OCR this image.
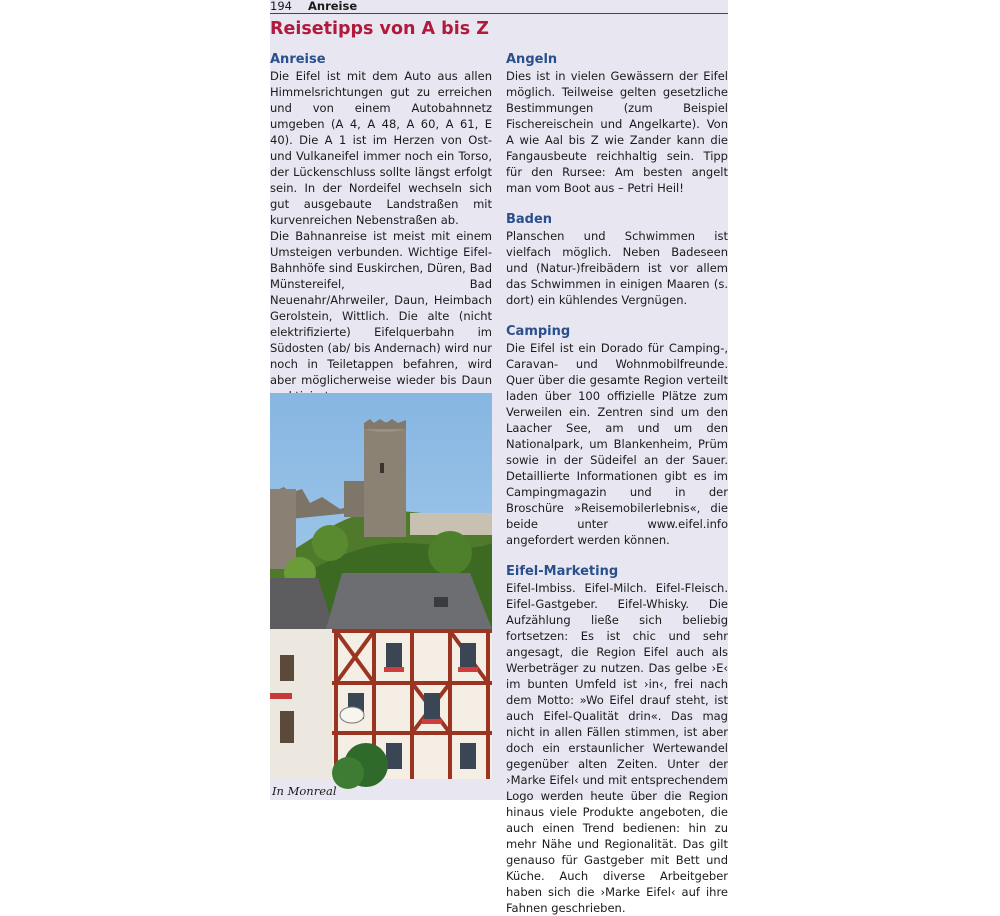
194 Anreise
Reisetipps von A bis Z
Anreise

Die Eifel ist mit dem Auto aus allen Himmelsrichtungen gut zu erreichen und von einem Autobahnnetz umgeben (A 4, A 48, A 60, A 61, E 40). Die A 1 ist im Herzen von Ost- und Vulkaneifel immer noch ein Torso, der Lückenschluss sollte längst erfolgt sein. In der Nordeifel wechseln sich gut ausgebaute Landstraßen mit kurvenreichen Nebenstraßen ab.

Die Bahnanreise ist meist mit einem Umsteigen verbunden. Wichtige Eifel-Bahnhöfe sind Euskirchen, Düren, Bad Münstereifel, Bad Neuenahr/Ahrweiler, Daun, Heimbach Gerolstein, Wittlich. Die alte (nicht elektrifizierte) Eifelquerbahn im Südosten (ab/ bis Andernach) wird nur noch in Teiletappen befahren, wird aber möglicherweise wieder bis Daun

In Monreal
Angeln

Dies ist in vielen Gewässern der Eifel möglich. Teilweise gelten gesetzliche Bestimmungen (zum Beispiel Fischereischein und Angelkarte). Von A wie Aal bis Z wie Zander kann die Fangausbeute reichhaltig sein. Tipp für den Rursee: Am besten angelt man vom Boot aus – Petri Heil!

Baden

Planschen und Schwimmen ist vielfach möglich. Neben Badeseen und (Natur-)freibädern ist vor allem das Schwimmen in einigen Maaren (s. dort) ein kühlendes Vergnügen.

Camping

Die Eifel ist ein Dorado für Camping-, Caravan- und Wohnmobilfreunde. Quer über die gesamte Region verteilt laden über 100 offizielle Plätze zum Verweilen ein. Zentren sind um den Laacher See, am und um den Nationalpark, um Blankenheim, Prüm sowie in der Südeifel an der Sauer. Detaillierte Informationen gibt es im Campingmagazin und in der Broschüre »Reisemobilerlebnis«, die beide unter www.eifel.info angefordert werden können.

Eifel-Marketing

Eifel-Imbiss. Eifel-Milch. Eifel-Fleisch. Eifel-Gastgeber. Eifel-Whisky. Die Aufzählung ließe sich beliebig fortsetzen: Es ist chic und sehr angesagt, die Region Eifel auch als Werbeträger zu nutzen. Das gelbe ›E‹ im bunten Umfeld ist ›in‹, frei nach dem Motto: »Wo Eifel drauf steht, ist auch Eifel-Qualität drin«. Das mag nicht in allen Fällen stimmen, ist aber doch ein erstaunlicher Wertewandel gegenüber alten Zeiten. Unter der ›Marke Eifel‹ und mit entsprechendem Logo werden heute über die Region hinaus viele Produkte angeboten, die auch einen Trend bedienen: hin zu mehr Nähe und Regionalität. Das gilt genauso für Gastgeber mit Bett und Küche. Auch diverse Arbeitgeber haben sich die ›Marke Eifel‹ auf ihre Fahnen geschrieben.
